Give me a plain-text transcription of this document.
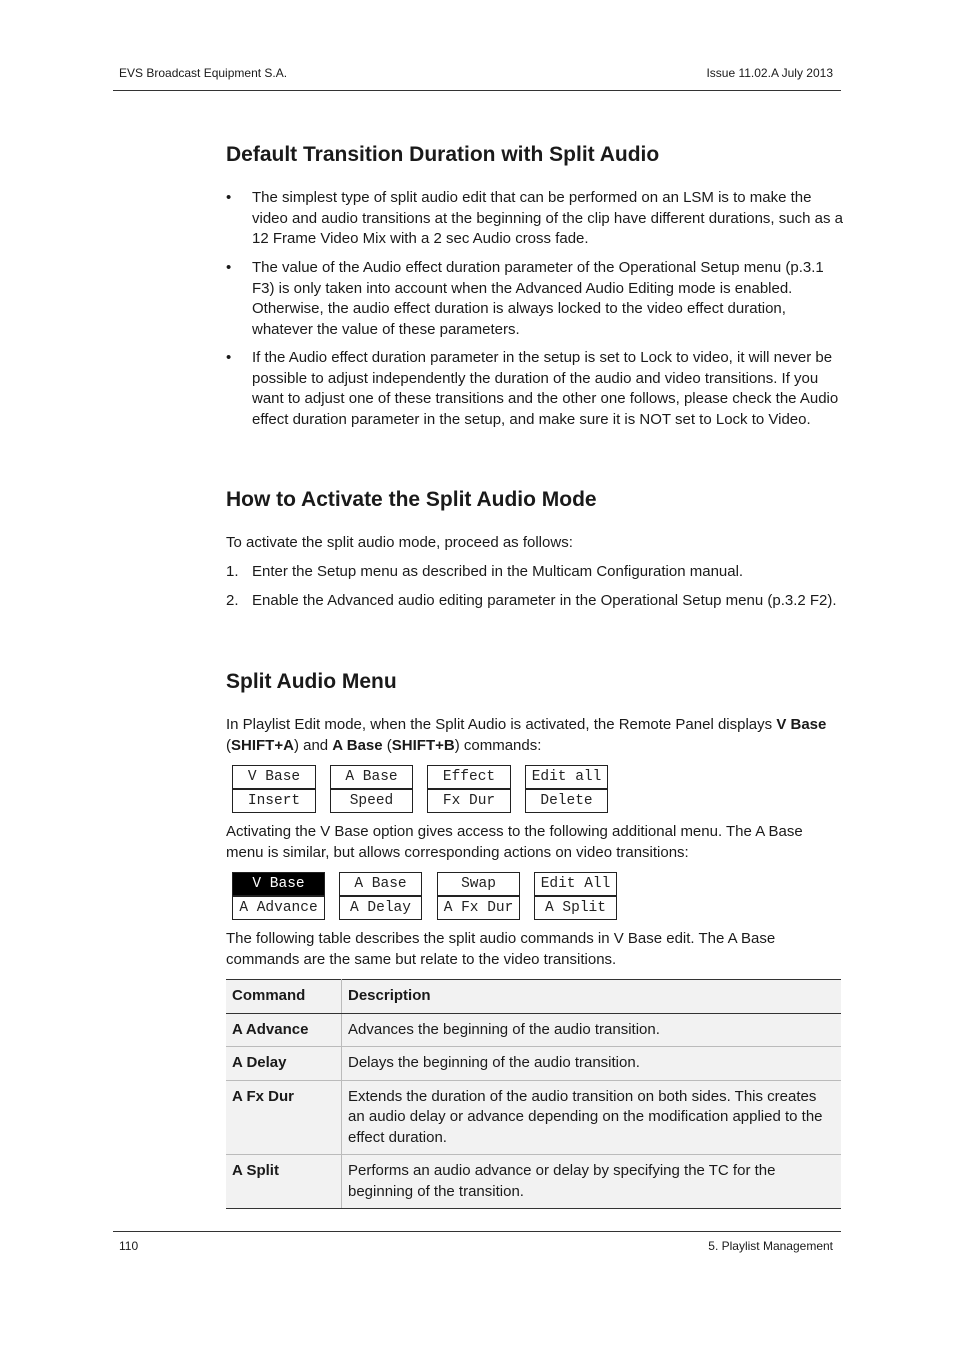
EVS Broadcast Equipment S.A.	Issue 11.02.A July 2013
Default Transition Duration with Split Audio
• The simplest type of split audio edit that can be performed on an LSM is to make the video and audio transitions at the beginning of the clip have different durations, such as a 12 Frame Video Mix with a 2 sec Audio cross fade.
• The value of the Audio effect duration parameter of the Operational Setup menu (p.3.1 F3) is only taken into account when the Advanced Audio Editing mode is enabled. Otherwise, the audio effect duration is always locked to the video effect duration, whatever the value of these parameters.
• If the Audio effect duration parameter in the setup is set to Lock to video, it will never be possible to adjust independently the duration of the audio and video transitions. If you want to adjust one of these transitions and the other one follows, please check the Audio effect duration parameter in the setup, and make sure it is NOT set to Lock to Video.
How to Activate the Split Audio Mode

To activate the split audio mode, proceed as follows:

1. Enter the Setup menu as described in the Multicam Configuration manual.
2. Enable the Advanced audio editing parameter in the Operational Setup menu (p.3.2 F2).
Split Audio Menu

In Playlist Edit mode, when the Split Audio is activated, the Remote Panel displays V Base (SHIFT+A) and A Base (SHIFT+B) commands:

V Base
Insert
A Base
Speed
Effect
Fx Dur
Edit all
Delete

Activating the V Base option gives access to the following additional menu. The A Base menu is similar, but allows corresponding actions on video transitions:

V Base
A Advance
A Base
A Delay
Swap
A Fx Dur
Edit All
A Split

The following table describes the split audio commands in V Base edit. The A Base commands are the same but relate to the video transitions.

Command	Description
A Advance	Advances the beginning of the audio transition.
A Delay	Delays the beginning of the audio transition.
A Fx Dur	Extends the duration of the audio transition on both sides. This creates an audio delay or advance depending on the modification applied to the effect duration.
A Split	Performs an audio advance or delay by specifying the TC for the beginning of the transition.
110	5. Playlist Management
